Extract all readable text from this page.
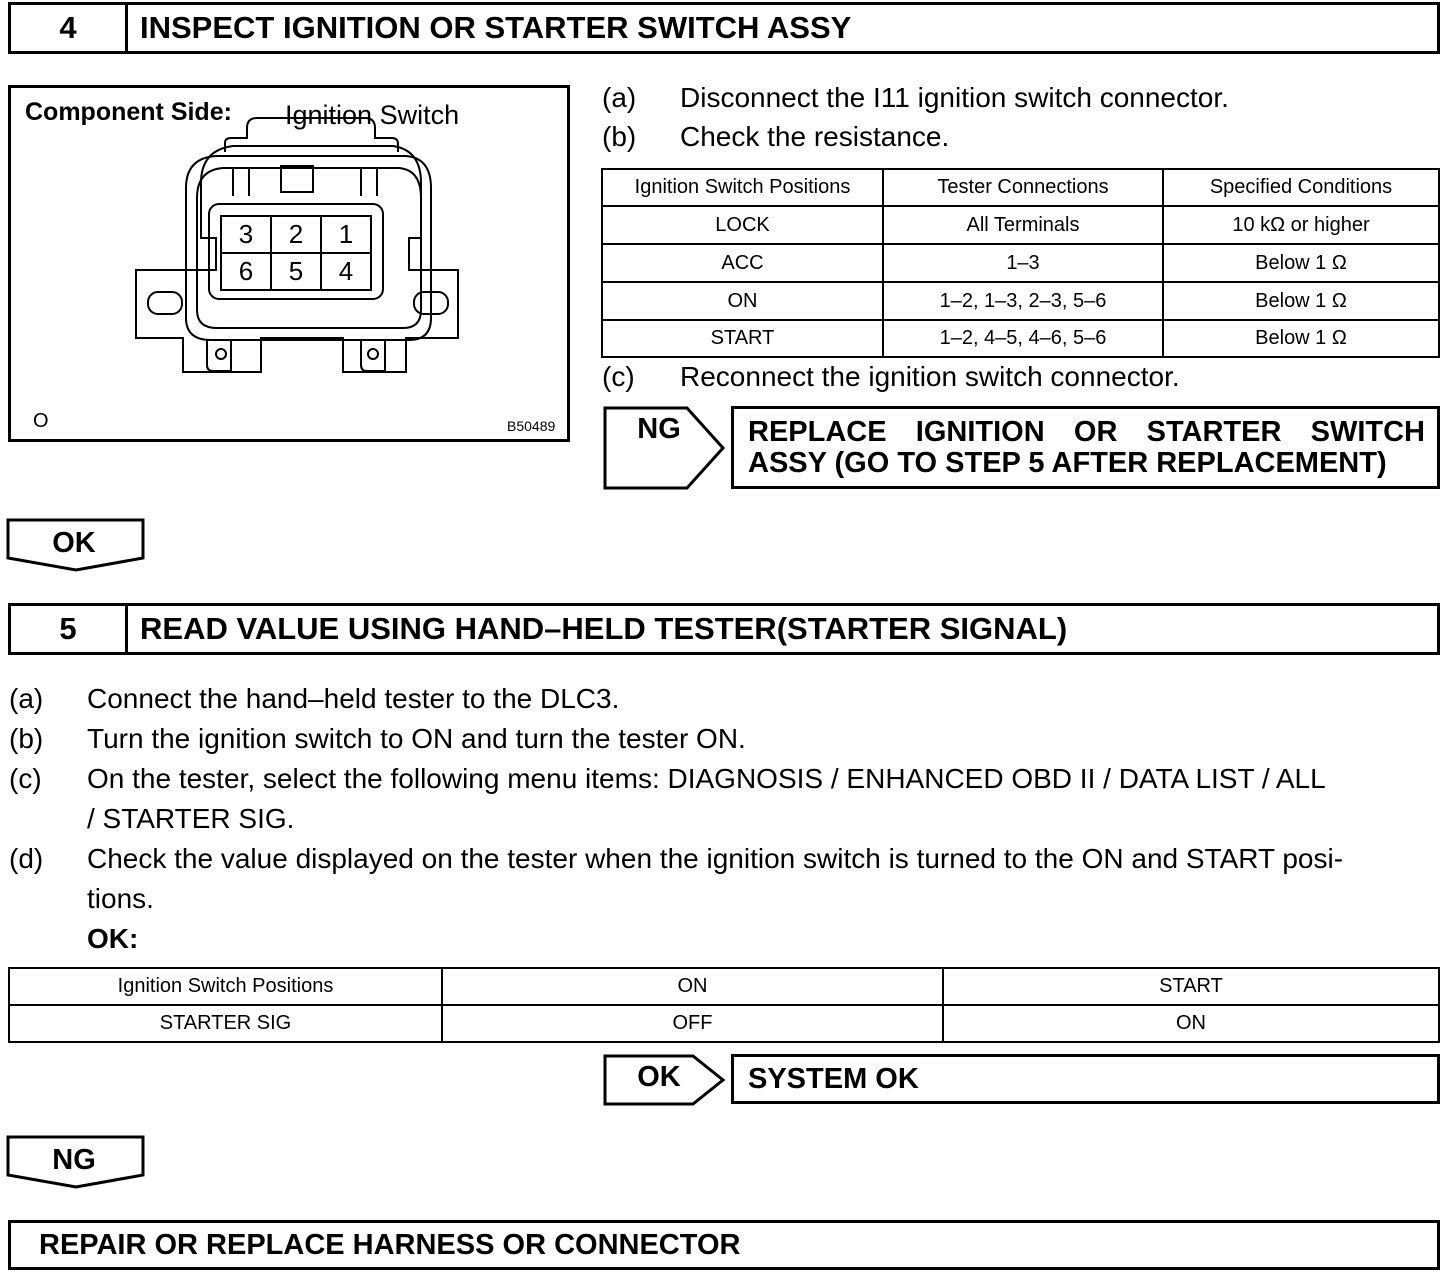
4	INSPECT IGNITION OR STARTER SWITCH ASSY
Component Side: Ignition Switch
3	2	1
6	5	4
O	B50489
(a) Disconnect the I11 ignition switch connector.
(b) Check the resistance.
Ignition Switch Positions	Tester Connections	Specified Conditions
LOCK	All Terminals	10 kΩ or higher
ACC	1–3	Below 1 Ω
ON	1–2, 1–3, 2–3, 5–6	Below 1 Ω
START	1–2, 4–5, 4–6, 5–6	Below 1 Ω
(c) Reconnect the ignition switch connector.
NG	REPLACE IGNITION OR STARTER SWITCH
ASSY (GO TO STEP 5 AFTER REPLACEMENT)
OK
5	READ VALUE USING HAND–HELD TESTER(STARTER SIGNAL)
(a) Connect the hand–held tester to the DLC3.
(b) Turn the ignition switch to ON and turn the tester ON.
(c) On the tester, select the following menu items: DIAGNOSIS / ENHANCED OBD II / DATA LIST / ALL
/ STARTER SIG.
(d) Check the value displayed on the tester when the ignition switch is turned to the ON and START posi-
tions.
OK:
Ignition Switch Positions	ON	START
STARTER SIG	OFF	ON
OK	SYSTEM OK
NG
REPAIR OR REPLACE HARNESS OR CONNECTOR
